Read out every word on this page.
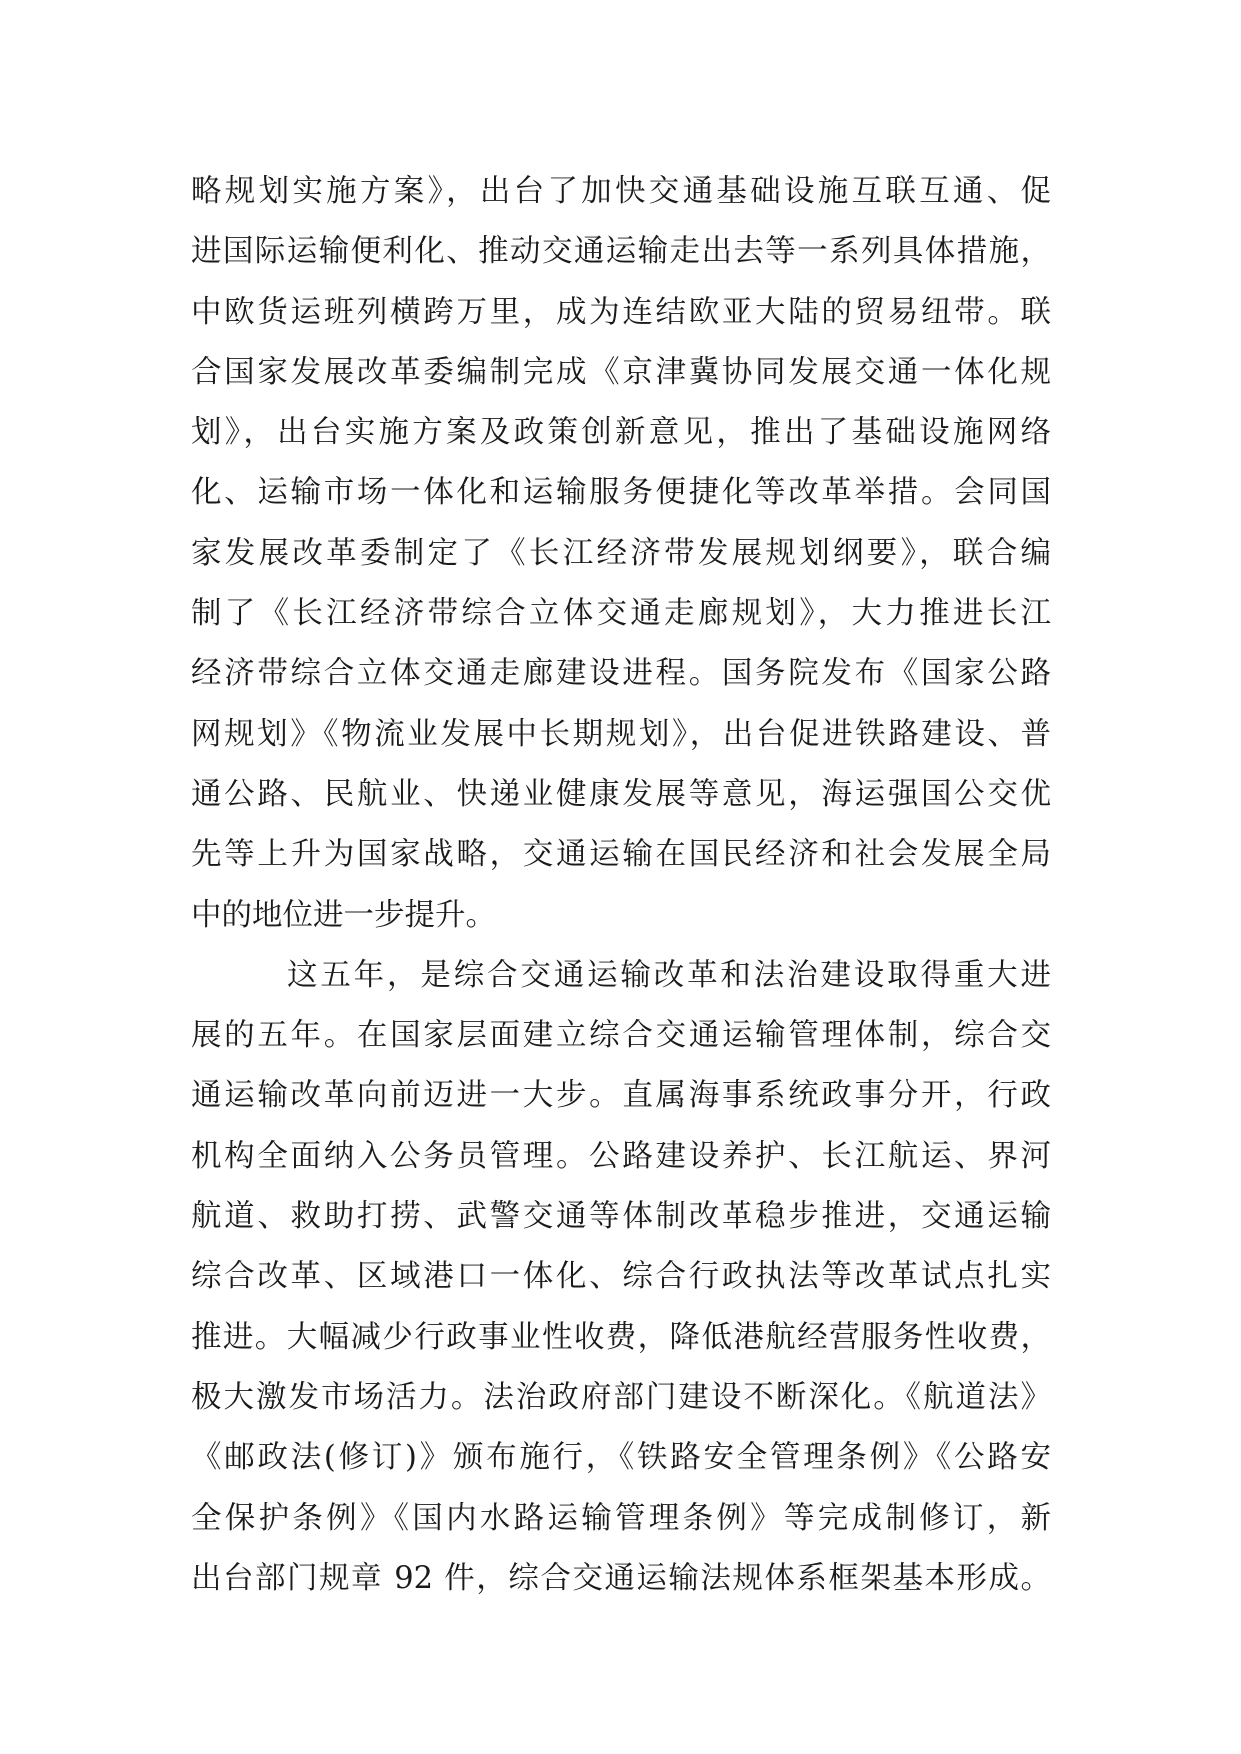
略规划实施方案》，出台了加快交通基础设施互联互通、促
进国际运输便利化、推动交通运输走出去等一系列具体措施，
中欧货运班列横跨万里，成为连结欧亚大陆的贸易纽带。联
合国家发展改革委编制完成《京津冀协同发展交通一体化规
划》，出台实施方案及政策创新意见，推出了基础设施网络
化、运输市场一体化和运输服务便捷化等改革举措。会同国
家发展改革委制定了《长江经济带发展规划纲要》，联合编
制了《长江经济带综合立体交通走廊规划》，大力推进长江
经济带综合立体交通走廊建设进程。国务院发布《国家公路
网规划》《物流业发展中长期规划》，出台促进铁路建设、普
通公路、民航业、快递业健康发展等意见，海运强国公交优
先等上升为国家战略，交通运输在国民经济和社会发展全局
中的地位进一步提升。
这五年，是综合交通运输改革和法治建设取得重大进
展的五年。在国家层面建立综合交通运输管理体制，综合交
通运输改革向前迈进一大步。直属海事系统政事分开，行政
机构全面纳入公务员管理。公路建设养护、长江航运、界河
航道、救助打捞、武警交通等体制改革稳步推进，交通运输
综合改革、区域港口一体化、综合行政执法等改革试点扎实
推进。大幅减少行政事业性收费，降低港航经营服务性收费，
极大激发市场活力。法治政府部门建设不断深化。《航道法》
《邮政法(修订)》颁布施行，《铁路安全管理条例》《公路安
全保护条例》《国内水路运输管理条例》等完成制修订，新
出台部门规章 92 件，综合交通运输法规体系框架基本形成。
